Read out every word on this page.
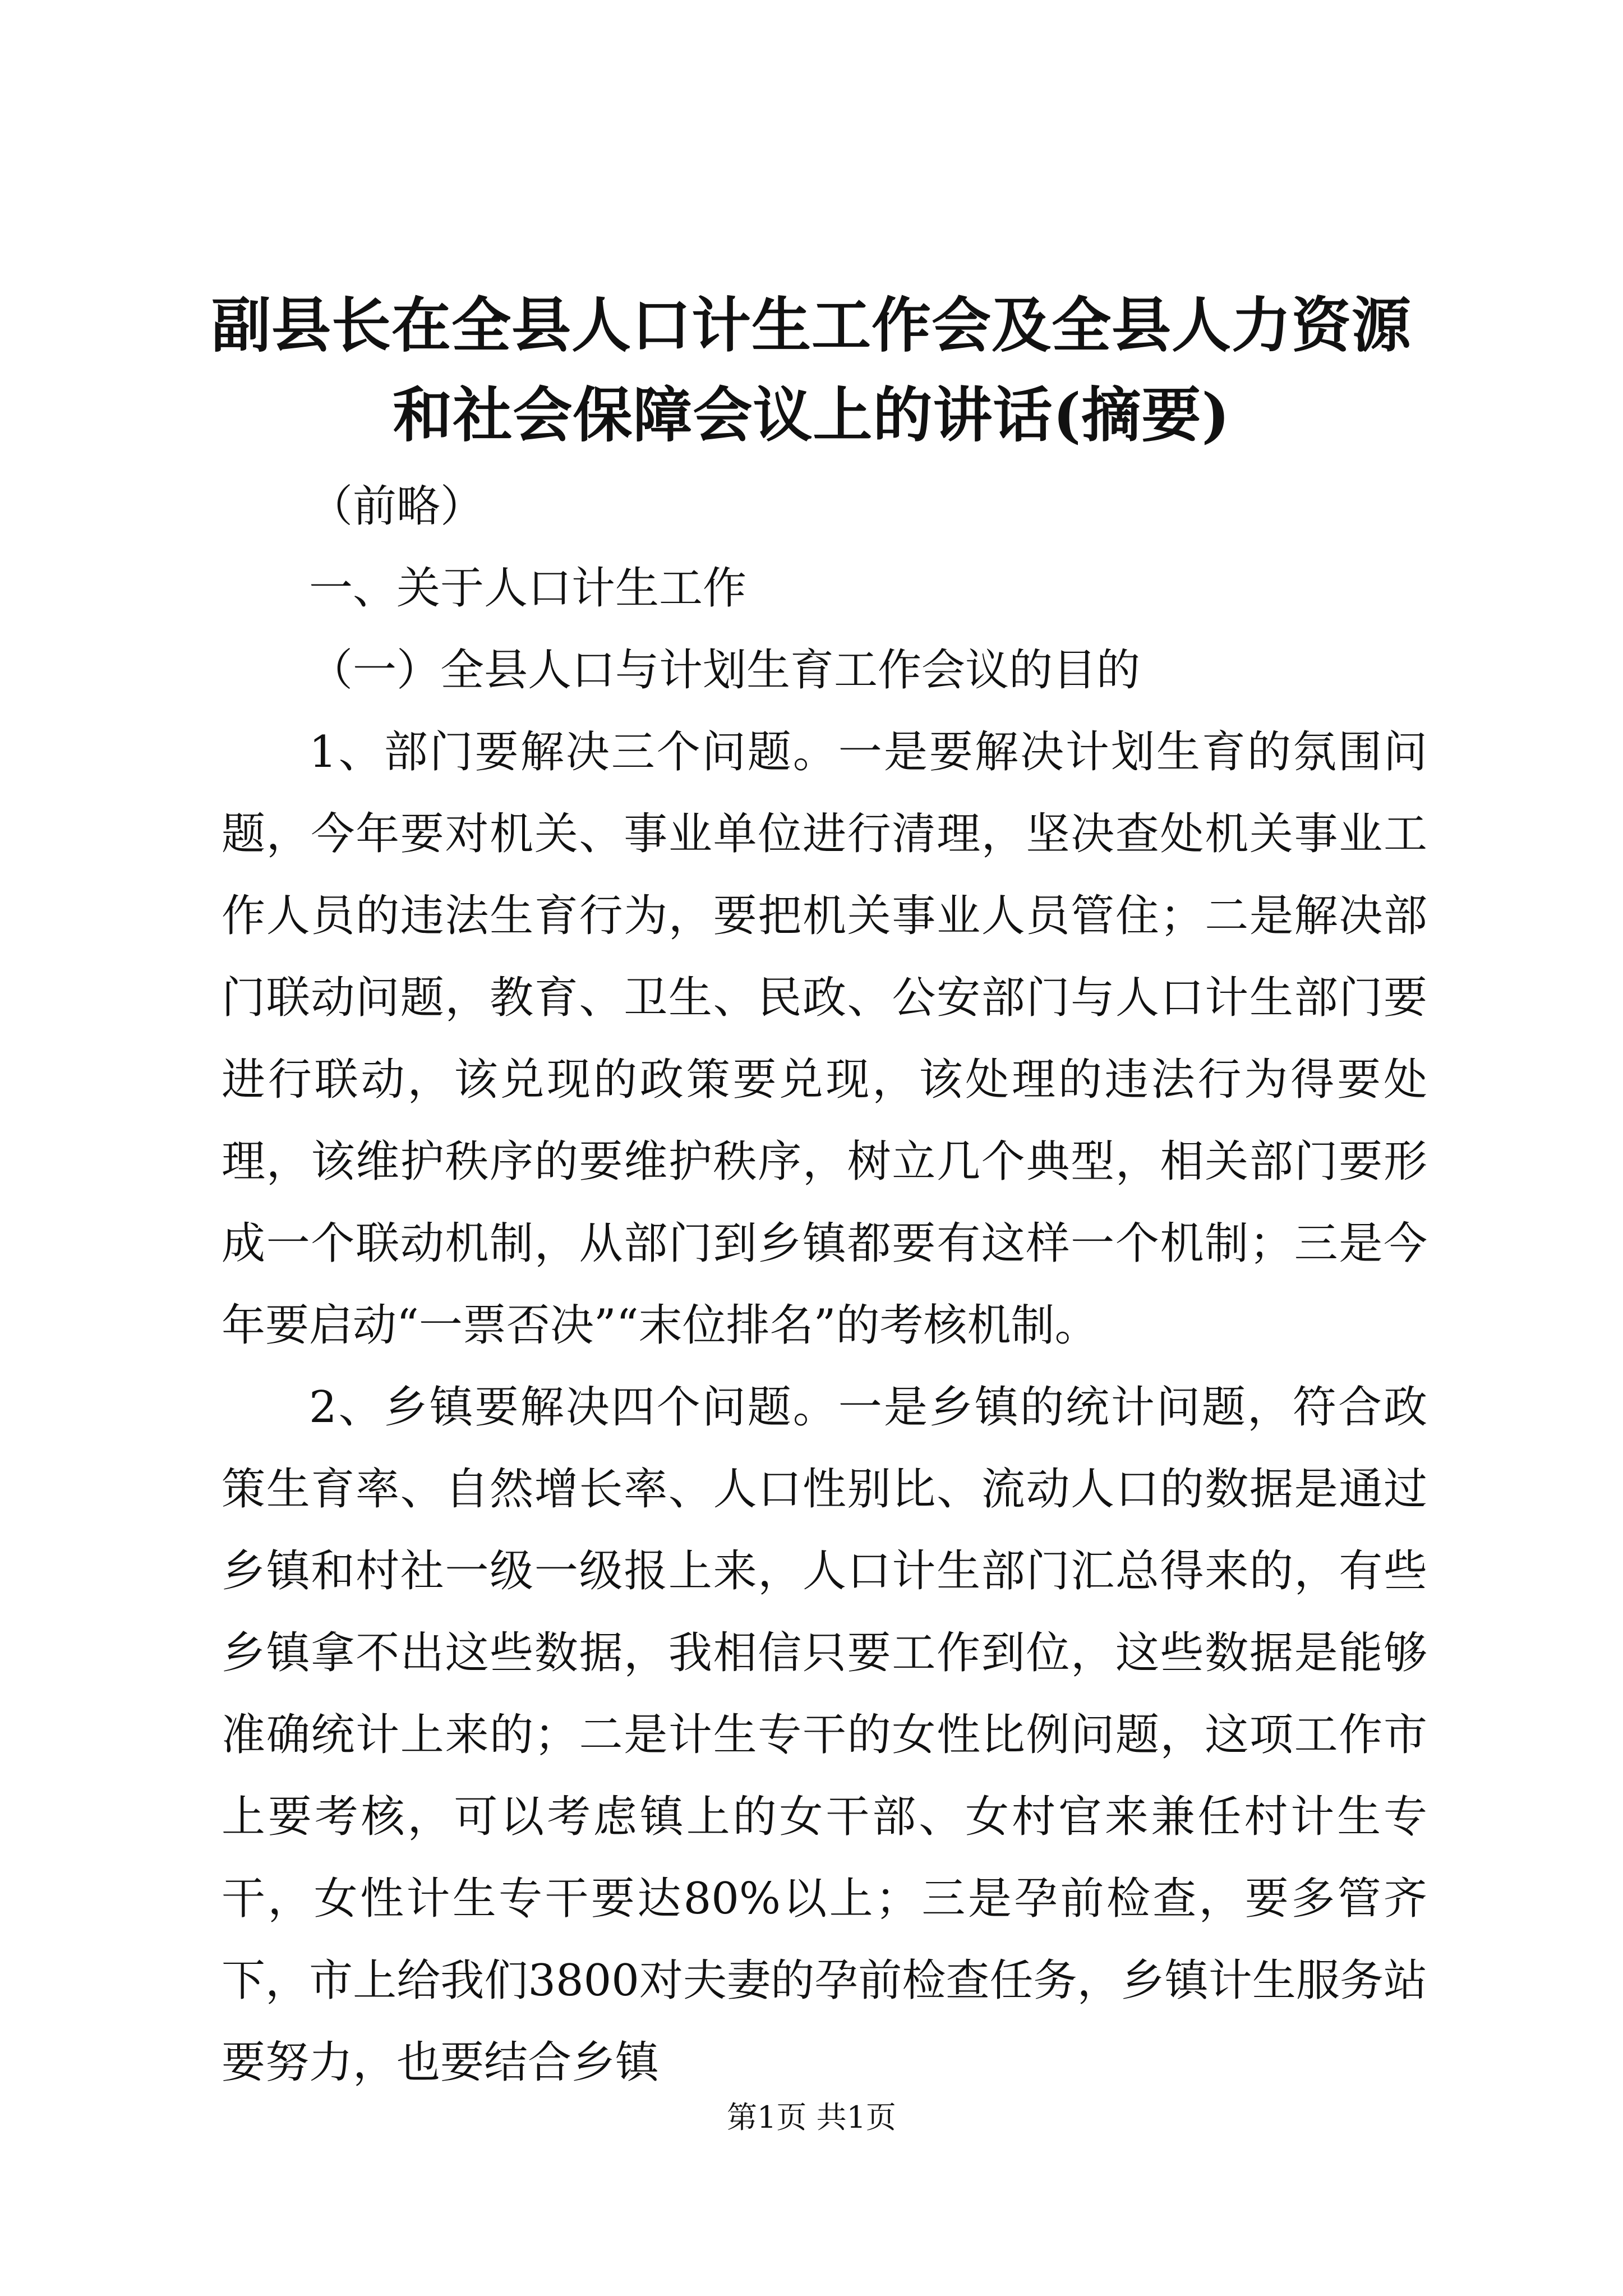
副县长在全县人口计生工作会及全县人力资源
和社会保障会议上的讲话(摘要)

（前略）

一、关于人口计生工作

（一）全县人口与计划生育工作会议的目的

1、部门要解决三个问题。一是要解决计划生育的氛围问题，今年要对机关、事业单位进行清理，坚决查处机关事业工作人员的违法生育行为，要把机关事业人员管住；二是解决部门联动问题，教育、卫生、民政、公安部门与人口计生部门要进行联动，该兑现的政策要兑现，该处理的违法行为得要处理，该维护秩序的要维护秩序，树立几个典型，相关部门要形成一个联动机制，从部门到乡镇都要有这样一个机制；三是今年要启动“一票否决”“末位排名”的考核机制。

2、乡镇要解决四个问题。一是乡镇的统计问题，符合政策生育率、自然增长率、人口性别比、流动人口的数据是通过乡镇和村社一级一级报上来，人口计生部门汇总得来的，有些乡镇拿不出这些数据，我相信只要工作到位，这些数据是能够准确统计上来的；二是计生专干的女性比例问题，这项工作市上要考核，可以考虑镇上的女干部、女村官来兼任村计生专干，女性计生专干要达80%以上；三是孕前检查，要多管齐下，市上给我们3800对夫妻的孕前检查任务，乡镇计生服务站要努力，也要结合乡镇

第1页 共1页
